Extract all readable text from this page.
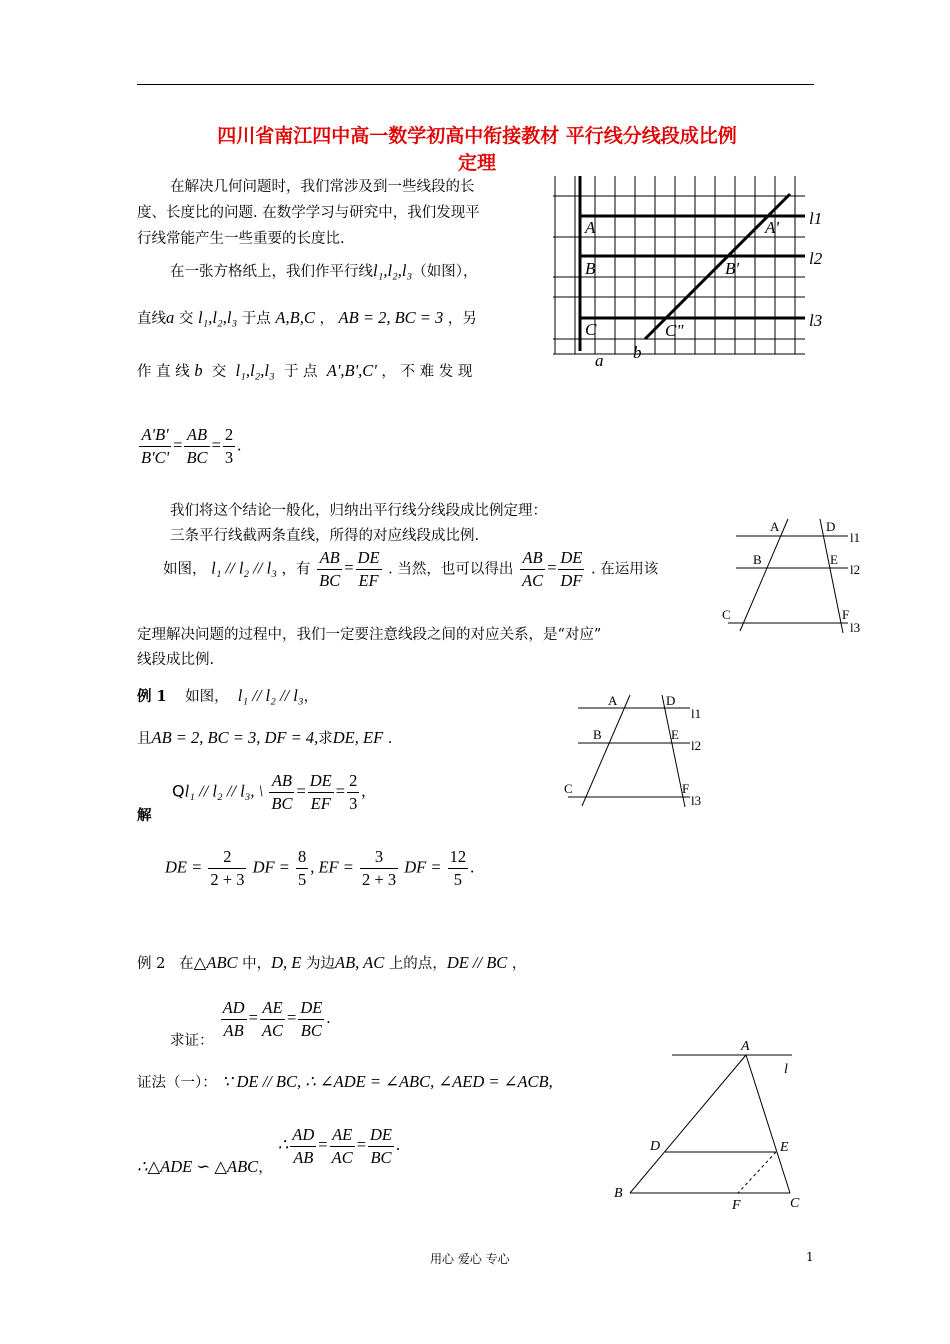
四川省南江四中高一数学初高中衔接教材 平行线分线段成比例
定理
在解决几何问题时，我们常涉及到一些线段的长
度、长度比的问题. 在数学学习与研究中，我们发现平
行线常能产生一些重要的长度比.
在一张方格纸上，我们作平行线l₁,l₂,l₃（如图），
直线a 交 l₁,l₂,l₃ 于点 A,B,C ， AB = 2, BC = 3 ，另
作 直 线 b 交 l₁,l₂,l₃ 于 点 A',B',C' ， 不 难 发 现
$\frac{A'B'}{B'C'} = \frac{AB}{BC} = \frac{2}{3}$ .
我们将这个结论一般化，归纳出平行线分线段成比例定理：
三条平行线截两条直线，所得的对应线段成比例.
如图， l₁ // l₂ // l₃ ，有 $\frac{AB}{BC} = \frac{DE}{EF}$ . 当然，也可以得出 $\frac{AB}{AC} = \frac{DE}{DF}$ . 在运用该
定理解决问题的过程中，我们一定要注意线段之间的对应关系，是“对应”
线段成比例.
例 1 如图， l₁ // l₂ // l₃，
且AB = 2, BC = 3, DF = 4,求DE, EF .
解
Ql₁ // l₂ // l₃, \ $\frac{AB}{BC} = \frac{DE}{EF} = \frac{2}{3}$ ,
DE = $\frac{2}{2 + 3}$ DF = $\frac{8}{5}$ , EF = $\frac{3}{2 + 3}$ DF = $\frac{12}{5}$ .
例 2 在△ABC 中，D, E 为边AB, AC 上的点，DE // BC ，
求证： $\frac{AD}{AB} = \frac{AE}{AC} = \frac{DE}{BC}$ .
证法（一）： ∵ DE // BC, ∴ ∠ADE = ∠ABC, ∠AED = ∠ACB,
∴△ADE ∽ △ABC， ∴ $\frac{AD}{AB} = \frac{AE}{AC} = \frac{DE}{BC}$ .
A
B
C
A'
B'
C"
l1
l2
l3
a b
A	D
B	E
C	F
l1
l2
l3
A	D
B	E
C	F
l1
l2
l3
A
l
D	E
B
F	C
用心 爱心 专心	1
